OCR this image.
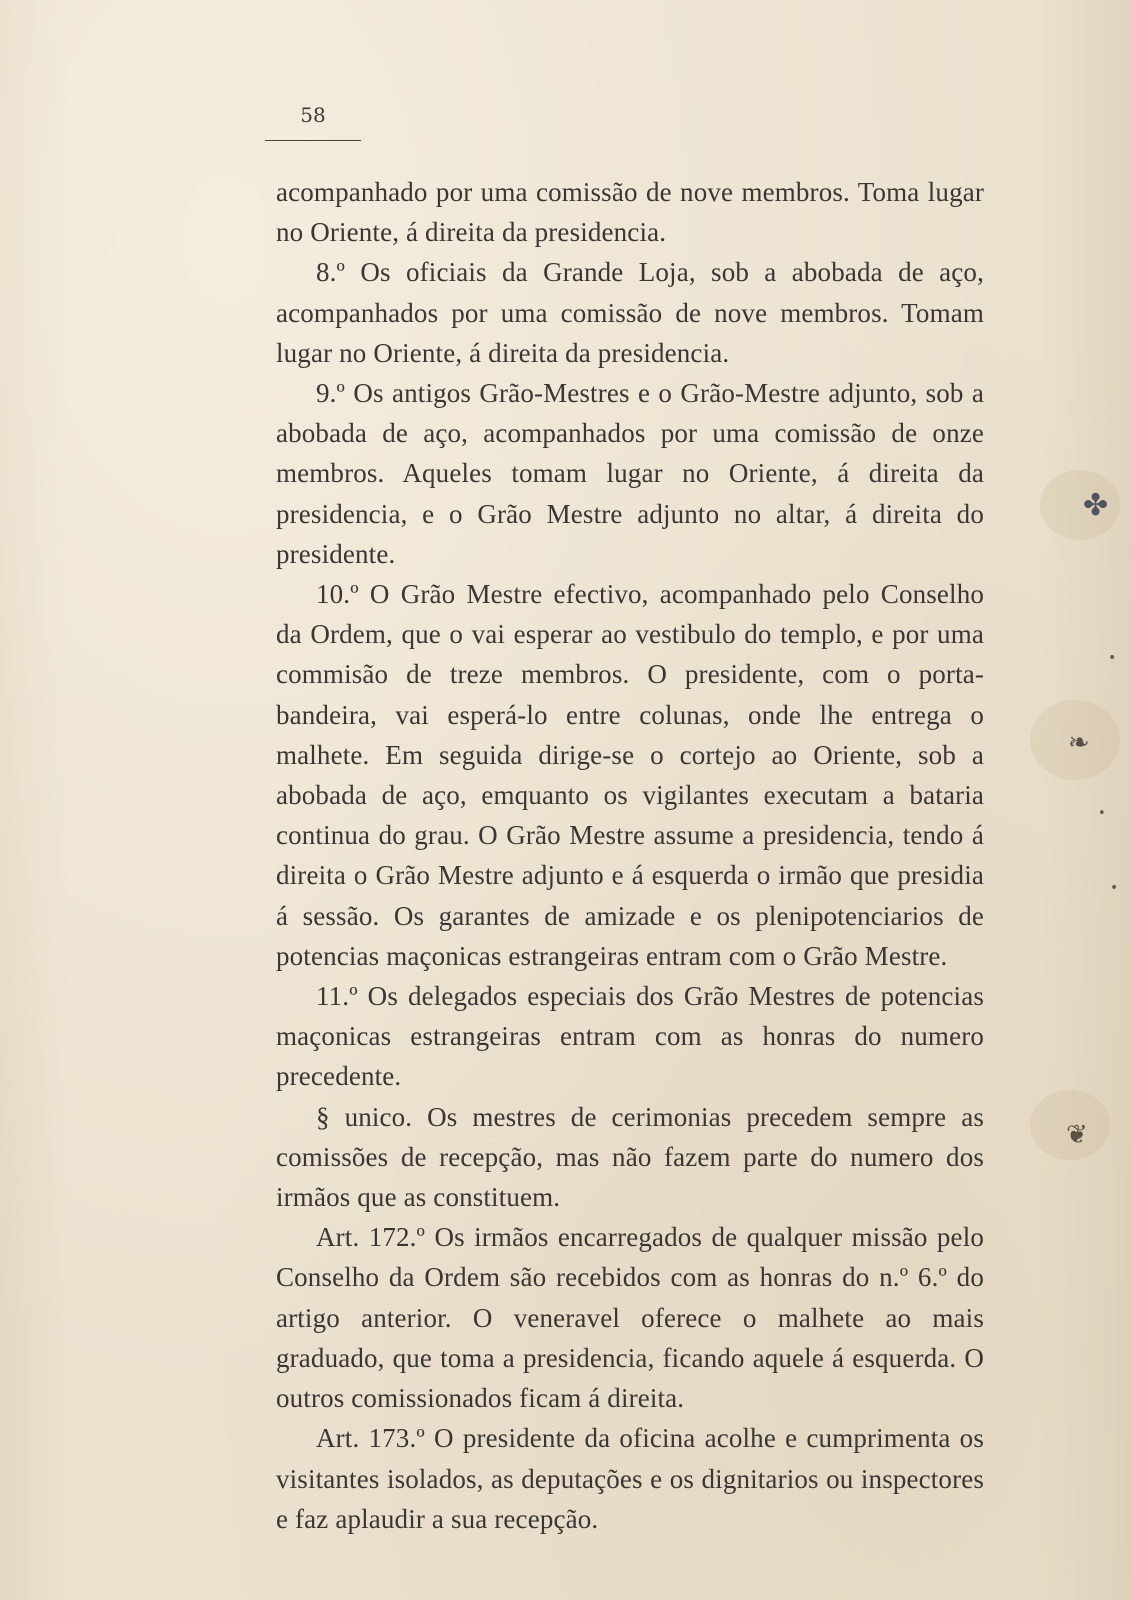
58

acompanhado por uma comissão de nove membros. Toma lugar no Oriente, á direita da presidencia.

8.º Os oficiais da Grande Loja, sob a abobada de aço, acompanhados por uma comissão de nove membros. Tomam lugar no Oriente, á direita da presidencia.

9.º Os antigos Grão-Mestres e o Grão-Mestre adjunto, sob a abobada de aço, acompanhados por uma comissão de onze membros. Aqueles tomam lugar no Oriente, á direita da presidencia, e o Grão Mestre adjunto no altar, á direita do presidente.

10.º O Grão Mestre efectivo, acompanhado pelo Conselho da Ordem, que o vai esperar ao vestibulo do templo, e por uma commisão de treze membros. O presidente, com o porta-bandeira, vai esperá-lo entre colunas, onde lhe entrega o malhete. Em seguida dirige-se o cortejo ao Oriente, sob a abobada de aço, emquanto os vigilantes executam a bataria continua do grau. O Grão Mestre assume a presidencia, tendo á direita o Grão Mestre adjunto e á esquerda o irmão que presidia á sessão. Os garantes de amizade e os plenipotenciarios de potencias maçonicas estrangeiras entram com o Grão Mestre.

11.º Os delegados especiais dos Grão Mestres de potencias maçonicas estrangeiras entram com as honras do numero precedente.

§ unico. Os mestres de cerimonias precedem sempre as comissões de recepção, mas não fazem parte do numero dos irmãos que as constituem.

Art. 172.º Os irmãos encarregados de qualquer missão pelo Conselho da Ordem são recebidos com as honras do n.º 6.º do artigo anterior. O veneravel oferece o malhete ao mais graduado, que toma a presidencia, ficando aquele á esquerda. O outros comissionados ficam á direita.

Art. 173.º O presidente da oficina acolhe e cumprimenta os visitantes isolados, as deputações e os dignitarios ou inspectores e faz aplaudir a sua recepção.

✤
•
❧
•
•
❦
